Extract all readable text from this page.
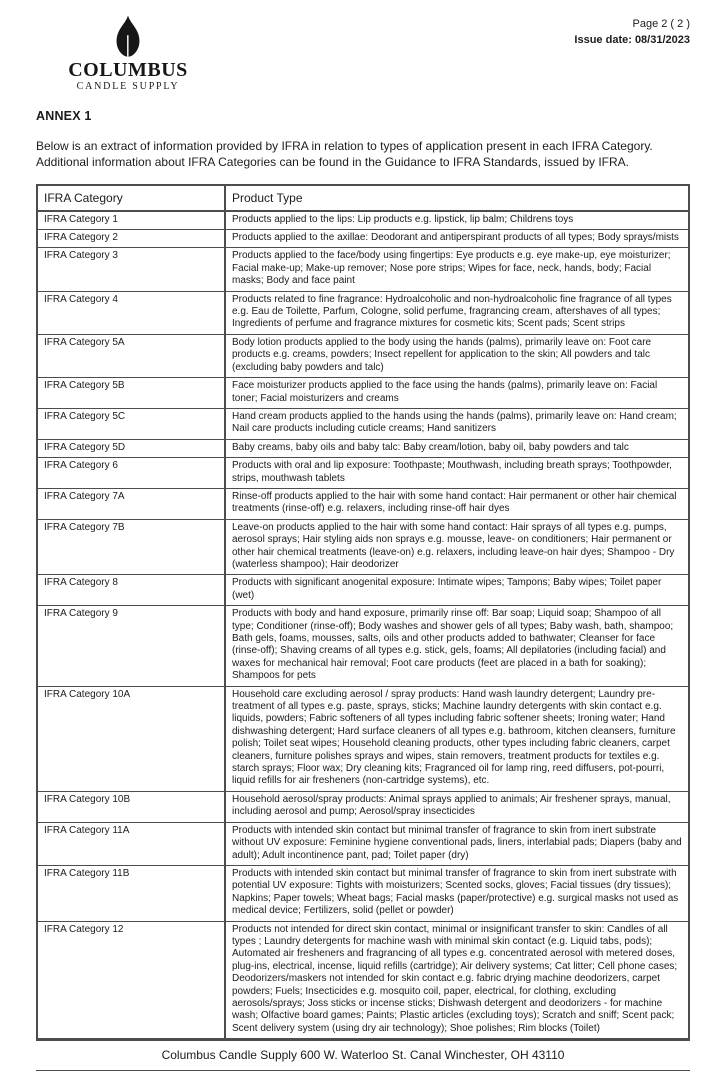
COLUMBUS
CANDLE SUPPLY
Page 2 ( 2 )
Issue date: 08/31/2023
ANNEX 1

Below is an extract of information provided by IFRA in relation to types of application present in each IFRA Category. Additional information about IFRA Categories can be found in the Guidance to IFRA Standards, issued by IFRA.

IFRA Category	Product Type
IFRA Category 1	Products applied to the lips: Lip products e.g. lipstick, lip balm; Childrens toys
IFRA Category 2	Products applied to the axillae: Deodorant and antiperspirant products of all types; Body sprays/mists
IFRA Category 3	Products applied to the face/body using fingertips: Eye products e.g. eye make-up, eye moisturizer; Facial make-up; Make-up remover; Nose pore strips; Wipes for face, neck, hands, body; Facial masks; Body and face paint
IFRA Category 4	Products related to fine fragrance: Hydroalcoholic and non-hydroalcoholic fine fragrance of all types e.g. Eau de Toilette, Parfum, Cologne, solid perfume, fragrancing cream, aftershaves of all types; Ingredients of perfume and fragrance mixtures for cosmetic kits; Scent pads; Scent strips
IFRA Category 5A	Body lotion products applied to the body using the hands (palms), primarily leave on: Foot care products e.g. creams, powders; Insect repellent for application to the skin; All powders and talc (excluding baby powders and talc)
IFRA Category 5B	Face moisturizer products applied to the face using the hands (palms), primarily leave on: Facial toner; Facial moisturizers and creams
IFRA Category 5C	Hand cream products applied to the hands using the hands (palms), primarily leave on: Hand cream; Nail care products including cuticle creams; Hand sanitizers
IFRA Category 5D	Baby creams, baby oils and baby talc: Baby cream/lotion, baby oil, baby powders and talc
IFRA Category 6	Products with oral and lip exposure: Toothpaste; Mouthwash, including breath sprays; Toothpowder, strips, mouthwash tablets
IFRA Category 7A	Rinse-off products applied to the hair with some hand contact: Hair permanent or other hair chemical treatments (rinse-off) e.g. relaxers, including rinse-off hair dyes
IFRA Category 7B	Leave-on products applied to the hair with some hand contact: Hair sprays of all types e.g. pumps, aerosol sprays; Hair styling aids non sprays e.g. mousse, leave- on conditioners; Hair permanent or other hair chemical treatments (leave-on) e.g. relaxers, including leave-on hair dyes; Shampoo - Dry (waterless shampoo); Hair deodorizer
IFRA Category 8	Products with significant anogenital exposure: Intimate wipes; Tampons; Baby wipes; Toilet paper (wet)
IFRA Category 9	Products with body and hand exposure, primarily rinse off: Bar soap; Liquid soap; Shampoo of all type; Conditioner (rinse-off); Body washes and shower gels of all types; Baby wash, bath, shampoo; Bath gels, foams, mousses, salts, oils and other products added to bathwater; Cleanser for face (rinse-off); Shaving creams of all types e.g. stick, gels, foams; All depilatories (including facial) and waxes for mechanical hair removal; Foot care products (feet are placed in a bath for soaking); Shampoos for pets
IFRA Category 10A	Household care excluding aerosol / spray products: Hand wash laundry detergent; Laundry pre-treatment of all types e.g. paste, sprays, sticks; Machine laundry detergents with skin contact e.g. liquids, powders; Fabric softeners of all types including fabric softener sheets; Ironing water; Hand dishwashing detergent; Hard surface cleaners of all types e.g. bathroom, kitchen cleansers, furniture polish; Toilet seat wipes; Household cleaning products, other types including fabric cleaners, carpet cleaners, furniture polishes sprays and wipes, stain removers, treatment products for textiles e.g. starch sprays; Floor wax; Dry cleaning kits; Fragranced oil for lamp ring, reed diffusers, pot-pourri, liquid refills for air fresheners (non-cartridge systems), etc.
IFRA Category 10B	Household aerosol/spray products: Animal sprays applied to animals; Air freshener sprays, manual, including aerosol and pump; Aerosol/spray insecticides
IFRA Category 11A	Products with intended skin contact but minimal transfer of fragrance to skin from inert substrate without UV exposure: Feminine hygiene conventional pads, liners, interlabial pads; Diapers (baby and adult); Adult incontinence pant, pad; Toilet paper (dry)
IFRA Category 11B	Products with intended skin contact but minimal transfer of fragrance to skin from inert substrate with potential UV exposure: Tights with moisturizers; Scented socks, gloves; Facial tissues (dry tissues); Napkins; Paper towels; Wheat bags; Facial masks (paper/protective) e.g. surgical masks not used as medical device; Fertilizers, solid (pellet or powder)
IFRA Category 12	Products not intended for direct skin contact, minimal or insignificant transfer to skin: Candles of all types ; Laundry detergents for machine wash with minimal skin contact (e.g. Liquid tabs, pods); Automated air fresheners and fragrancing of all types e.g. concentrated aerosol with metered doses, plug-ins, electrical, incense, liquid refills (cartridge); Air delivery systems; Cat litter; Cell phone cases; Deodorizers/maskers not intended for skin contact e.g. fabric drying machine deodorizers, carpet powders; Fuels; Insecticides e.g. mosquito coil, paper, electrical, for clothing, excluding aerosols/sprays; Joss sticks or incense sticks; Dishwash detergent and deodorizers - for machine wash; Olfactive board games; Paints; Plastic articles (excluding toys); Scratch and sniff; Scent pack; Scent delivery system (using dry air technology); Shoe polishes; Rim blocks (Toilet)
Columbus Candle Supply 600 W. Waterloo St. Canal Winchester, OH 43110
